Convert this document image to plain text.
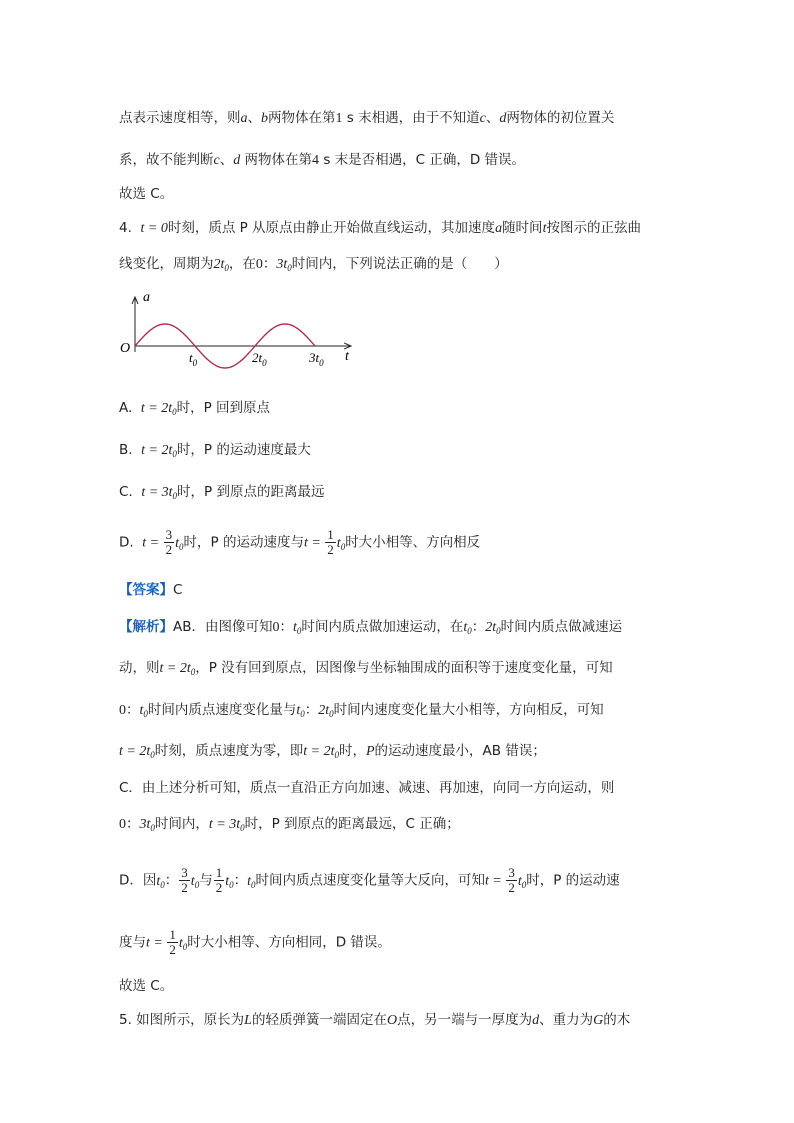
点表示速度相等，则a、b两物体在第1 s 末相遇，由于不知道c、d两物体的初位置关
系，故不能判断c、d 两物体在第4 s 末是否相遇，C 正确，D 错误。
故选 C。
4. t = 0时刻，质点 P 从原点由静止开始做直线运动，其加速度a随时间t按图示的正弦曲
线变化，周期为$2t_0$，在0：$3t_0$时间内，下列说法正确的是（　　）
a
O
t
$t_0$	$2t_0$	$3t_0$
A. $t = 2t_0$时，P 回到原点
B. $t = 2t_0$时，P 的运动速度最大
C. $t = 3t_0$时，P 到原点的距离最远
D. $t = \frac{3}{2} t_0$时，P 的运动速度与$t = \frac{1}{2} t_0$时大小相等、方向相反
【答案】C
【解析】AB．由图像可知0：$t_0$时间内质点做加速运动，在$t_0$：$2t_0$时间内质点做减速运
动，则$t = 2t_0$，P 没有回到原点，因图像与坐标轴围成的面积等于速度变化量，可知
0：$t_0$时间内质点速度变化量与$t_0$：$2t_0$时间内速度变化量大小相等，方向相反，可知
$t = 2t_0$时刻，质点速度为零，即$t = 2t_0$时，P的运动速度最小，AB 错误；
C．由上述分析可知，质点一直沿正方向加速、减速、再加速，向同一方向运动，则
0：$3t_0$时间内，$t = 3t_0$时，P 到原点的距离最远，C 正确；
D．因$t_0$： $\frac{3}{2} t_0$与 $\frac{1}{2} t_0$：$t_0$时间内质点速度变化量等大反向，可知$t = \frac{3}{2} t_0$时，P 的运动速
度与$t = \frac{1}{2} t_0$时大小相等、方向相同，D 错误。
故选 C。
5. 如图所示，原长为L的轻质弹簧一端固定在O点，另一端与一厚度为d、重力为G的木
